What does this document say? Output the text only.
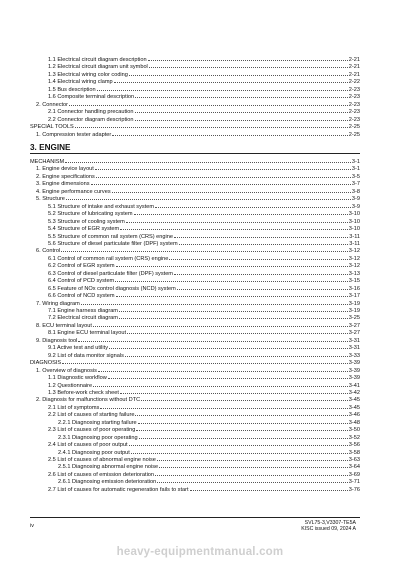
1.1 Electrical circuit diagram description	2-21
1.2 Electrical circuit diagram unit symbol	2-21
1.3 Electrical wiring color coding	2-21
1.4 Electrical wiring clamp	2-22
1.5 Bus description	2-23
1.6 Composite terminal description	2-23
2. Connector	2-23
2.1 Connector handling precaution	2-23
2.2 Connector diagram description	2-23
SPECIAL TOOLS	2-25
1. Compression tester adapter	2-25
3. ENGINE
MECHANISM	3-1
1. Engine device layout	3-1
2. Engine specifications	3-5
3. Engine dimensions	3-7
4. Engine performance curves	3-8
5. Structure	3-9
5.1 Structure of intake and exhaust system	3-9
5.2 Structure of lubricating system	3-10
5.3 Structure of cooling system	3-10
5.4 Structure of EGR system	3-10
5.5 Structure of common rail system (CRS) engine	3-11
5.6 Structure of diesel particulate filter (DPF) system	3-11
6. Control	3-12
6.1 Control of common rail system (CRS) engine	3-12
6.2 Control of EGR system	3-12
6.3 Control of diesel particulate filter (DPF) system	3-13
6.4 Control of PCD system	3-15
6.5 Feature of NOx control diagnosis (NCD) system	3-16
6.6 Control of NCD system	3-17
7. Wiring diagram	3-19
7.1 Engine harness diagram	3-19
7.2 Electrical circuit diagram	3-25
8. ECU terminal layout	3-27
8.1 Engine ECU terminal layout	3-27
9. Diagnosis tool	3-31
9.1 Active test and utility	3-31
9.2 List of data monitor signals	3-33
DIAGNOSIS	3-39
1. Overview of diagnosis	3-39
1.1 Diagnostic workflow	3-39
1.2 Questionnaire	3-41
1.3 Before-work check sheet	3-42
2. Diagnosis for malfunctions without DTC	3-45
2.1 List of symptoms	3-45
2.2 List of causes of starting failure	3-46
2.2.1 Diagnosing starting failure	3-48
2.3 List of causes of poor operating	3-50
2.3.1 Diagnosing poor operating	3-52
2.4 List of causes of poor output	3-56
2.4.1 Diagnosing poor output	3-58
2.5 List of causes of abnormal engine noise	3-63
2.5.1 Diagnosing abnormal engine noise	3-64
2.6 List of causes of emission deterioration	3-69
2.6.1 Diagnosing emission deterioration	3-71
2.7 List of causes for automatic regeneration fails to start	3-76
iv	SVL75-3,V3307-TE5A
KISC issued 09, 2024 A
heavy-equipmentmanual.com
